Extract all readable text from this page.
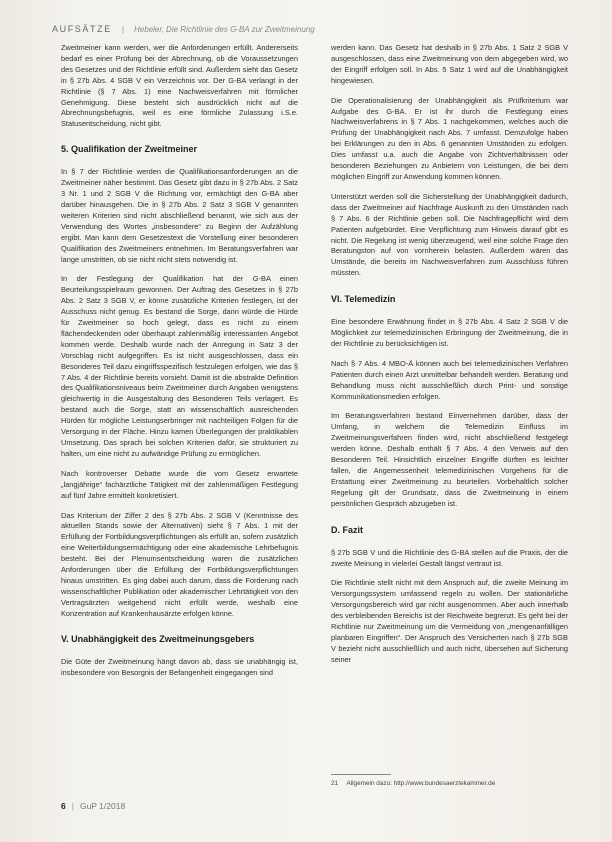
AUFSÄTZE | Hebeler, Die Richtlinie des G-BA zur Zweitmeinung

Zweitmeiner kann werden, wer die Anforderungen erfüllt. Andererseits bedarf es einer Prüfung bei der Abrechnung, ob die Voraussetzungen des Gesetzes und der Richtlinie erfüllt sind. Außerdem sieht das Gesetz in § 27b Abs. 4 SGB V ein Verzeichnis vor. Der G-BA verlangt in der Richtlinie (§ 7 Abs. 1) eine Nachweisverfahren mit förmlicher Genehmigung. Diese besteht sich ausdrücklich nicht auf die Abrechnungsbefugnis, weil es eine förmliche Zulassung i.S.e. Statusentscheidung, nicht gibt.

5. Qualifikation der Zweitmeiner

In § 7 der Richtlinie werden die Qualifikationsanforderungen an die Zweitmeiner näher bestimmt. Das Gesetz gibt dazu in § 27b Abs. 2 Satz 3 Nr. 1 und 2 SGB V die Richtung vor, ermächtigt den G-BA aber darüber hinausgehen. Die in § 27b Abs. 2 Satz 3 SGB V genannten weiteren Kriterien sind nicht abschließend benannt, wie sich aus der Verwendung des Wortes „insbesondere“ zu Beginn der Aufzählung ergibt. Man kann dem Gesetzestext die Vorstellung einer besonderen Qualifikation des Zweitmeiners entnehmen. Im Beratungsverfahren war lange umstritten, ob sie nicht nicht stets notwendig ist.

In der Festlegung der Qualifikation hat der G-BA einen Beurteilungsspielraum gewonnen. Der Auftrag des Gesetzes in § 27b Abs. 2 Satz 3 SGB V, er könne zusätzliche Kriterien festlegen, ist der Ausschuss nicht genug. Es bestand die Sorge, dann würde die Hürde für Zweitmeiner so hoch gelegt, dass es nicht zu einem flächendeckenden oder überhaupt zahlenmäßig interessanten Angebot kommen werde. Deshalb wurde nach der Anregung in Satz 3 der Vorschlag nicht aufgegriffen. Es ist nicht ausgeschlossen, dass ein Besonderes Teil dazu eingriffsspezifisch festzulegen erfolgen, wie das § 7 Abs. 4 der Richtlinie bereits vorsieht. Damit ist die abstrakte Definition des Qualifikationsniveaus beim Zweitmeiner durch Angaben wenigstens gleichwertig in die Ausgestaltung des Besonderen Teils verlagert. Es bestand auch die Sorge, statt an wissenschaftlich ausreichenden Hürden für mögliche Leistungserbringer mit nachteiligen Folgen für die Versorgung in der Fläche. Hinzu kamen Überlegungen der praktikablen Umsetzung. Das sprach bei solchen Kriterien dafür, sie strukturiert zu halten, um eine nicht zu aufwändige Prüfung zu ermöglichen.

Nach kontroverser Debatte wurde die vom Gesetz erwartete „langjährige“ fachärztliche Tätigkeit mit der zahlenmäßigen Festlegung auf fünf Jahre ermittelt konkretisiert.

Das Kriterium der Ziffer 2 des § 27b Abs. 2 SGB V (Kenntnisse des aktuellen Stands sowie der Alternativen) sieht § 7 Abs. 1 mit der Erfüllung der Fortbildungsverpflichtungen als erfüllt an, sofern zusätzlich eine Weiterbildungsermächtigung oder eine akademische Lehrbefugnis besteht. Bei der Plenumsentscheidung waren die zusätzlichen Anforderungen über die Erfüllung der Fortbildungsverpflichtungen hinaus umstritten. Es ging dabei auch darum, dass die Forderung nach wissenschaftlicher Publikation oder akademischer Lehrtätigkeit von den Vertragsärzten weitgehend nicht erfüllt werde, weshalb eine Konzentration auf Krankenhausärzte erfolgen könne.

V. Unabhängigkeit des Zweitmeinungsgebers

Die Güte der Zweitmeinung hängt davon ab, dass sie unabhängig ist, insbesondere von Besorgnis der Befangenheit eingegangen sind

werden kann. Das Gesetz hat deshalb in § 27b Abs. 1 Satz 2 SGB V ausgeschlossen, dass eine Zweitmeinung von dem abgegeben wird, wo der Eingriff erfolgen soll. In Abs. 5 Satz 1 wird auf die Unabhängigkeit hingewiesen.

Die Operationalisierung der Unabhängigkeit als Prüfkriterium war Aufgabe des G-BA. Er ist ihr durch die Festlegung eines Nachweisverfahrens in § 7 Abs. 1 nachgekommen, welches auch die Prüfung der Unabhängigkeit nach Abs. 7 umfasst. Demzufolge haben bei Erklärungen zu den in Abs. 6 genannten Umständen zu erfolgen. Dies umfasst u.a. auch die Angabe von Zichtverhältnissen oder besonderen Beziehungen zu Anbietern von Leistungen, die bei dem möglichen Eingriff zur Anwendung kommen können.

Unterstützt werden soll die Sicherstellung der Unabhängigkeit dadurch, dass der Zweitmeiner auf Nachfrage Auskunft zu den Umständen nach § 7 Abs. 6 der Richtlinie geben soll. Die Nachfragepflicht wird dem Patienten aufgebürdet. Eine Verpflichtung zum Hinweis darauf gibt es nicht. Die Regelung ist wenig überzeugend, weil eine solche Frage den Beratungston auf von vornherein belasten. Außerdem wären das Umstände, die bereits im Nachweisverfahren zum Ausschluss führen müssten.

VI. Telemedizin

Eine besondere Erwähnung findet in § 27b Abs. 4 Satz 2 SGB V die Möglichkeit zur telemedizinischen Erbringung der Zweitmeinung, die in der Richtlinie zu berücksichtigen ist.

Nach § 7 Abs. 4 MBO-Ä können auch bei telemedizinischen Verfahren Patienten durch einen Arzt unmittelbar behandelt werden. Beratung und Behandlung muss nicht ausschließlich durch Print- und sonstige Kommunikationsmedien erfolgen.

Im Beratungsverfahren bestand Einvernehmen darüber, dass der Umfang, in welchem die Telemedizin Einfluss im Zweitmeinungsverfahren finden wird, nicht abschließend festgelegt werden könne. Deshalb enthält § 7 Abs. 4 den Verweis auf den Besonderen Teil. Hinsichtlich einzelner Eingriffe dürften es leichter fallen, die Angemessenheit telemedizinischen Vorgehens für die Erstattung einer Zweitmeinung zu beurteilen. Vorbehaltlich solcher Regelung gilt der Grundsatz, dass die Zweitmeinung in einem persönlichen Gespräch abzugeben ist.

D. Fazit

§ 27b SGB V und die Richtlinie des G-BA stellen auf die Praxis, der die zweite Meinung in vielerlei Gestalt längst vertraut ist.

Die Richtlinie stellt nicht mit dem Anspruch auf, die zweite Meinung im Versorgungssystem umfassend regeln zu wollen. Der stationärliche Versorgungsbereich wird gar nicht ausgenommen. Aber auch innerhalb des verbleibenden Bereichs ist der Reichweite begrenzt. Es geht bei der Richtlinie nur Zweitmeinung um die Vermeidung von „mengenanfälligen planbaren Eingriffen“. Der Anspruch des Versicherten nach § 27b SGB V bezieht nicht ausschließlich und auch nicht, übersehen auf Sicherung seiner

21 Allgemein dazu: http://www.bundesaerztekammer.de
6 | GuP 1/2018
